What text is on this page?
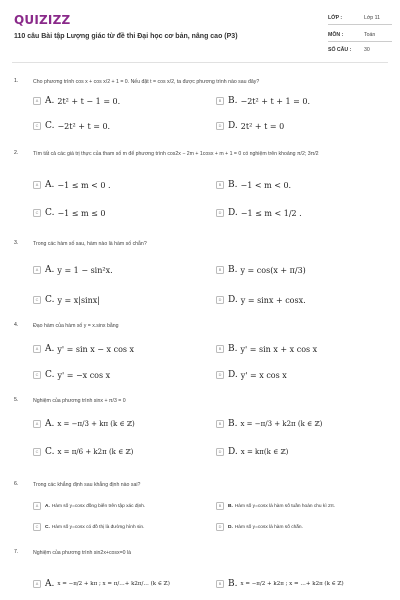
QUIZIZZ
110 câu Bài tập Lượng giác từ đề thi Đại học cơ bản, nâng cao (P3)
LỚP :	Lớp 11
MÔN :	Toán
SỐ CÂU : 30
1.	Cho phương trình cos x + cos x/2 + 1 = 0. Nếu đặt t = cos x/2, ta được phương trình nào sau đây?
A A. 2t² + t − 1 = 0.	B B. −2t² + t + 1 = 0.
C C. −2t² + t = 0.	D D. 2t² + t = 0
2.	Tìm tất cả các giá trị thực của tham số m để phương trình cos2x − 2m + 1cosx + m + 1 = 0 có nghiệm trên khoảng π/2; 3π/2
A A. −1 ≤ m < 0 .	B B. −1 < m < 0.
C C. −1 ≤ m ≤ 0	D D. −1 ≤ m < 1/2 .
3.	Trong các hàm số sau, hàm nào là hàm số chẵn?
A A. y = 1 − sin²x.	B B. y = cos(x + π/3)
C C. y = x|sinx|	D D. y = sinx + cosx.
4.	Đạo hàm của hàm số y = x.sinx bằng
A A. y' = sin x − x cos x	B B. y' = sin x + x cos x
C C. y' = −x cos x	D D. y' = x cos x
5.	Nghiệm của phương trình sinx + π/3 = 0
A A. x = −π/3 + kπ (k ∈ ℤ)	B B. x = −π/3 + k2π (k ∈ ℤ)
C C. x = π/6 + k2π (k ∈ ℤ)	D D. x = kπ(k ∈ ℤ)
6.	Trong các khẳng định sau khẳng định nào sai?
A	A. Hàm số y=cosx đồng biến trên tập xác định.	B	B. Hàm số y=cosx là hàm số tuần hoàn chu kì 2π.
C	C. Hàm số y=cosx có đồ thị là đường hình sin.	D	D. Hàm số y=cosx là hàm số chẵn.
7.	Nghiệm của phương trình sin2x+cosx=0 là
A A. x = −π/2 + kπ ; x = π/…+ k2π/… (k ∈ ℤ)	B B. x = −π/2 + k2π ; x = …+ k2π (k ∈ ℤ)
